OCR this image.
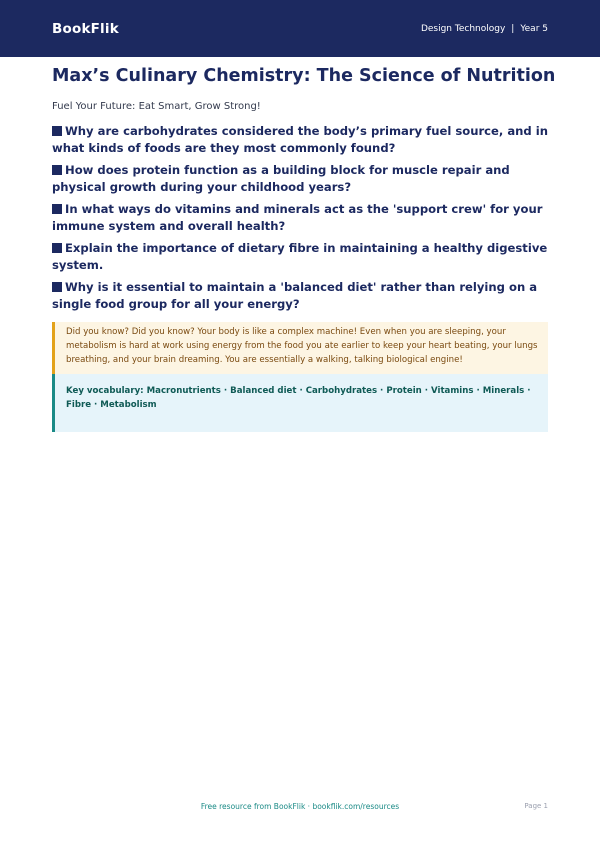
BookFlik	Design Technology | Year 5
Max’s Culinary Chemistry: The Science of Nutrition

Fuel Your Future: Eat Smart, Grow Strong!

Why are carbohydrates considered the body’s primary fuel source, and in what kinds of foods are they most commonly found?
How does protein function as a building block for muscle repair and physical growth during your childhood years?
In what ways do vitamins and minerals act as the 'support crew' for your immune system and overall health?
Explain the importance of dietary fibre in maintaining a healthy digestive system.
Why is it essential to maintain a 'balanced diet' rather than relying on a single food group for all your energy?
Did you know? Did you know? Your body is like a complex machine! Even when you are sleeping, your metabolism is hard at work using energy from the food you ate earlier to keep your heart beating, your lungs breathing, and your brain dreaming. You are essentially a walking, talking biological engine!
Key vocabulary: Macronutrients · Balanced diet · Carbohydrates · Protein · Vitamins · Minerals · Fibre · Metabolism
Free resource from BookFlik · bookflik.com/resources	Page 1
